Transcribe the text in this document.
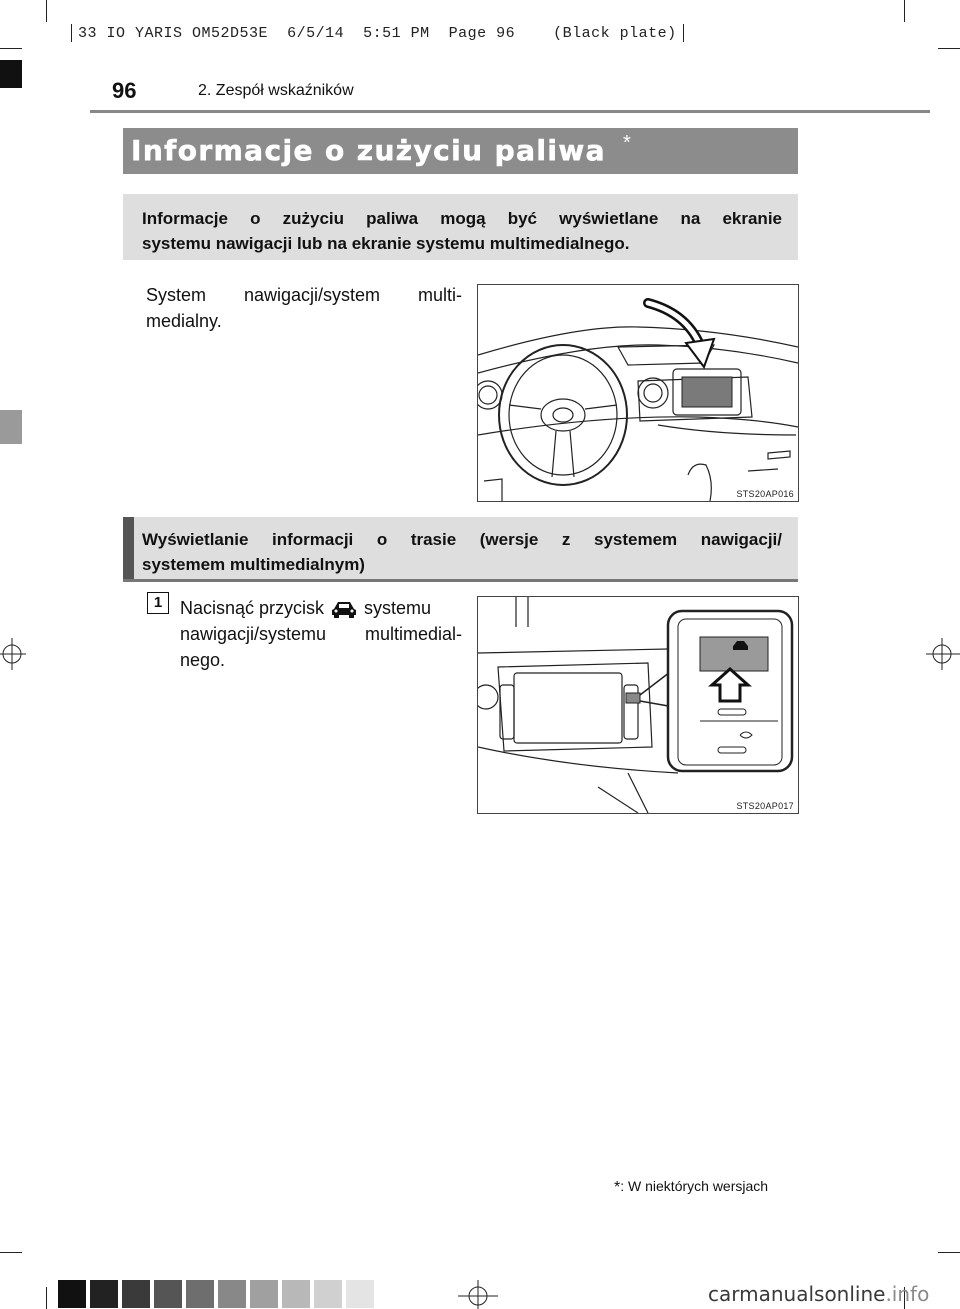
33 IO YARIS OM52D53E 6/5/14 5:51 PM Page 96	(Black plate)

96	2. Zespół wskaźników
Informacje o zużyciu paliwa *
Informacje o zużyciu paliwa mogą być wyświetlane na ekranie
systemu nawigacji lub na ekranie systemu multimedialnego.
System nawigacji/system multi-
medialny.
STS20AP016
Wyświetlanie informacji o trasie (wersje z systemem nawigacji/
systemem multimedialnym)
1 Nacisnąć przycisk systemu
nawigacji/systemu multimedial-
nego.
STS20AP017
*: W niektórych wersjach
carmanualsonline.info
